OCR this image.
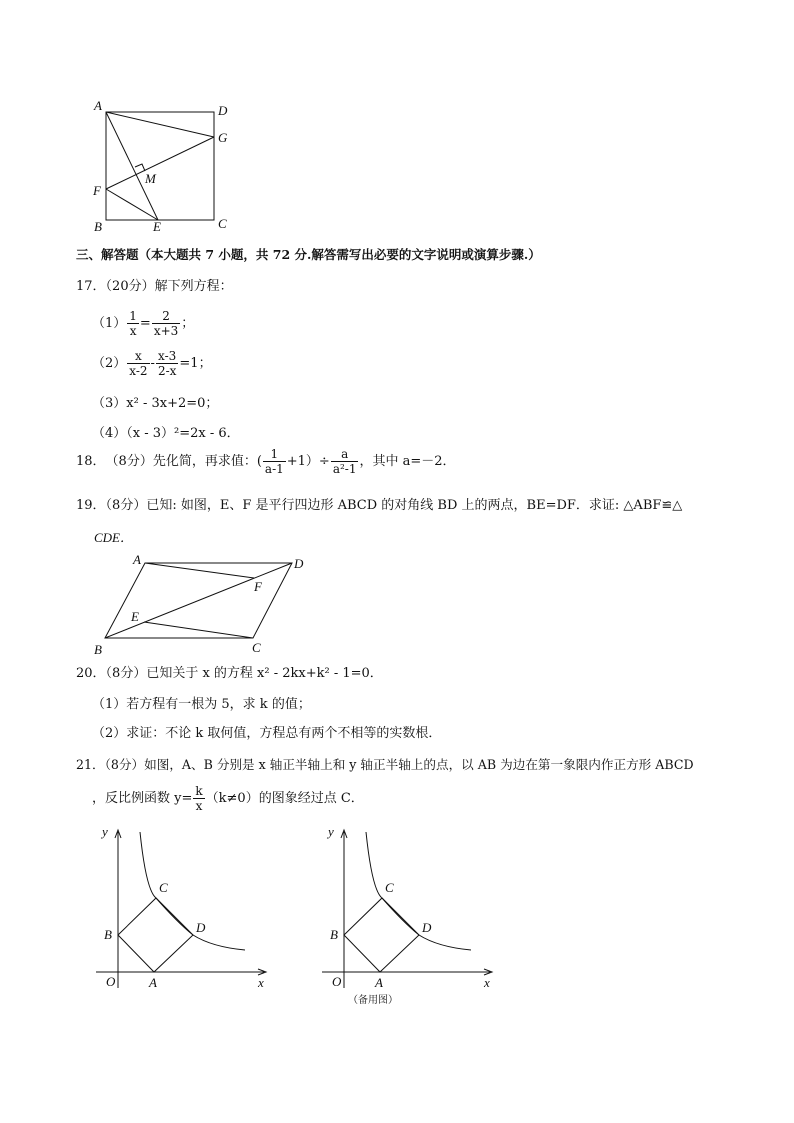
A	D
G
M
F
B	E	C
三、解答题（本大题共 7 小题，共 72 分.解答需写出必要的文字说明或演算步骤.）
17．（20分）解下列方程：
$(1) \frac{1}{x} = \frac{2}{x+3}$ ；
$(2) \frac{x}{x-2} - \frac{x-3}{2-x} =1$；
（3）x² - 3x+2=0；
（4）（x - 3）²=2x - 6．
18． （8分） 先化简，再求值： ( $\frac{1}{a-1} +1)\div \frac{a}{\text{a²-1}}$ ，其中 a=－2．
19．（8分）已知: 如图，E、F 是平行四边形 ABCD 的对角线 BD 上的两点，BE=DF．求证: △ABF≌△
CDE．
A	D
F
E
B	C
20．（8分）已知关于 x 的方程 x² - 2kx+k² - 1=0．
（1）若方程有一根为 5，求 k 的值；
（2）求证：不论 k 取何值，方程总有两个不相等的实数根．
21．（8分）如图，A、B 分别是 x 轴正半轴上和 y 轴正半轴上的点，以 AB 为边在第一象限内作正方形 ABCD
，反比例函数 $y= \frac{k}{x} (k\ne 0)$的图象经过点 C．
y
x
O	A
B
C
D
y
x
O	A
B
C
D
（备用图）
